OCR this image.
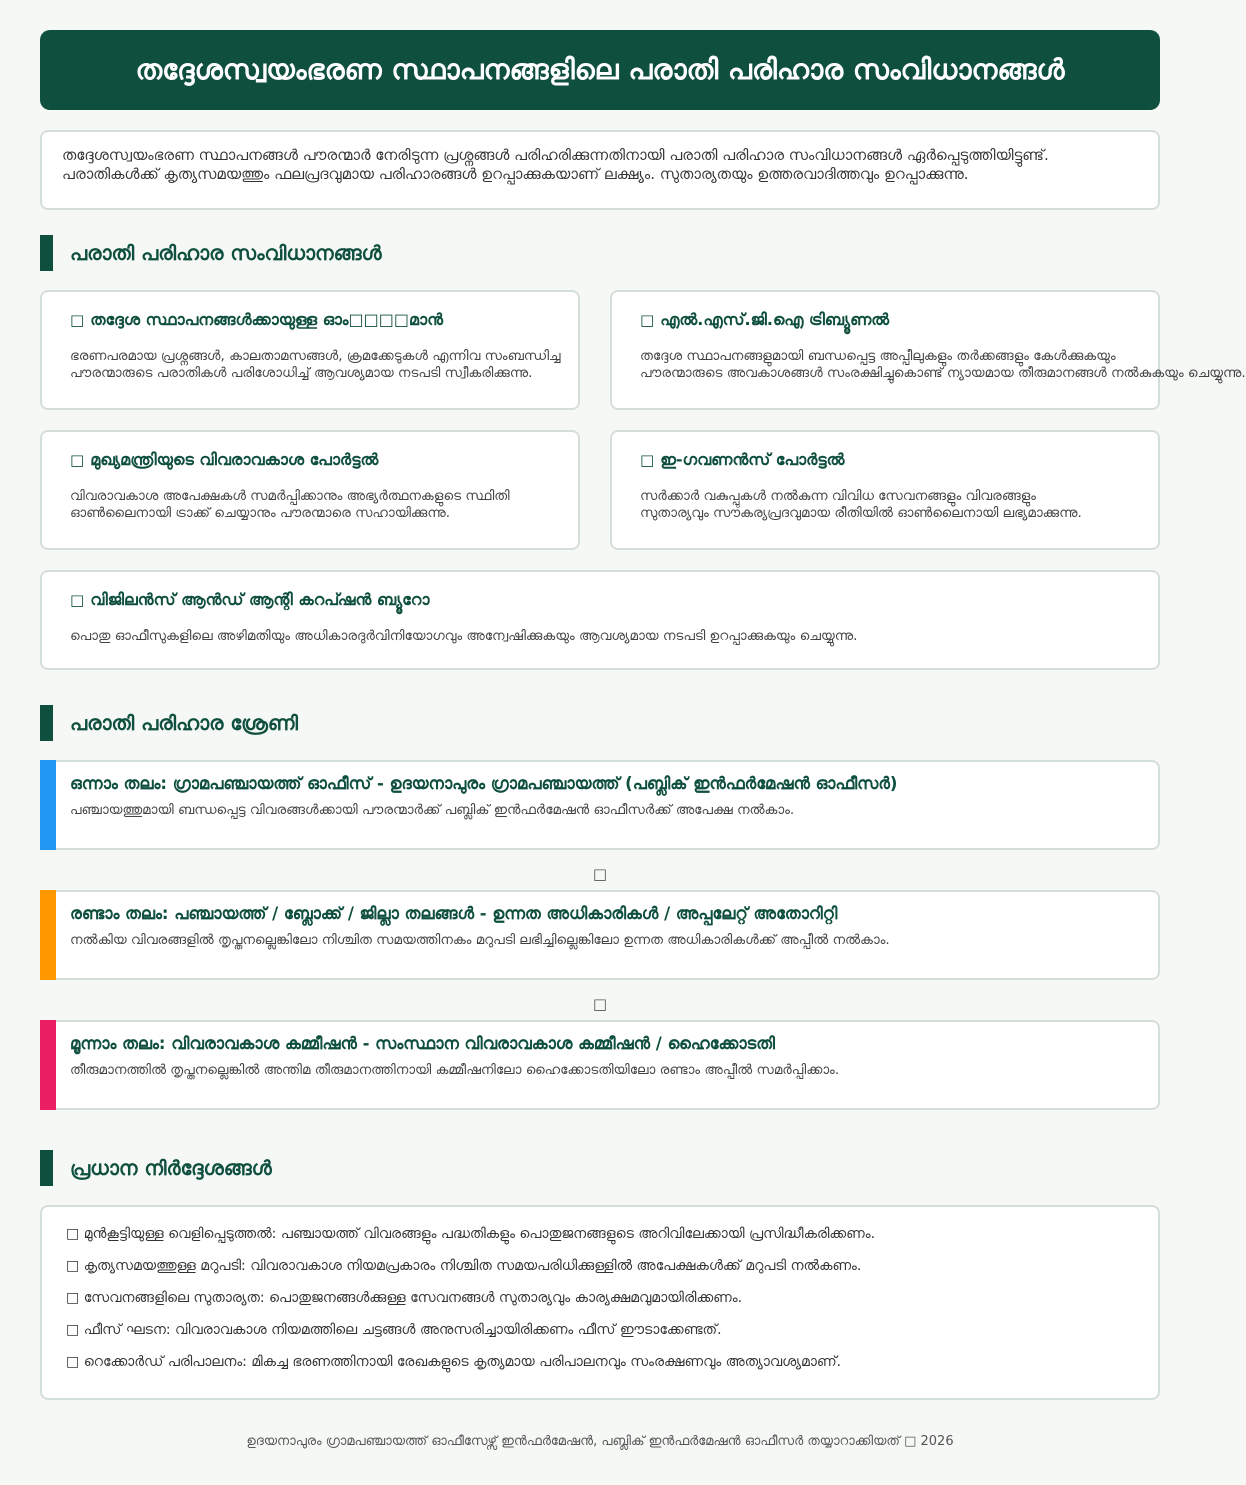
തദ്ദേശസ്വയംഭരണ സ്ഥാപനങ്ങളിലെ പരാതി പരിഹാര സംവിധാനങ്ങൾ

തദ്ദേശസ്വയംഭരണ സ്ഥാപനങ്ങൾ പൗരന്മാർ നേരിടുന്ന പ്രശ്നങ്ങൾ പരിഹരിക്കുന്നതിനായി പരാതി പരിഹാര സംവിധാനങ്ങൾ ഏർപ്പെടുത്തിയിട്ടുണ്ട്.

പരാതികൾക്ക് കൃത്യസമയത്തും ഫലപ്രദവുമായ പരിഹാരങ്ങൾ ഉറപ്പാക്കുകയാണ് ലക്ഷ്യം. സുതാര്യതയും ഉത്തരവാദിത്തവും ഉറപ്പാക്കുന്നു.

പരാതി പരിഹാര സംവിധാനങ്ങൾ
□ തദ്ദേശ സ്ഥാപനങ്ങൾക്കായുള്ള ഓം□□□□മാൻ
ഭരണപരമായ പ്രശ്നങ്ങൾ, കാലതാമസങ്ങൾ, ക്രമക്കേടുകൾ എന്നിവ സംബന്ധിച്ച
പൗരന്മാരുടെ പരാതികൾ പരിശോധിച്ച് ആവശ്യമായ നടപടി സ്വീകരിക്കുന്നു.
□ എൽ.എസ്.ജി.ഐ ട്രിബ്യൂണൽ
തദ്ദേശ സ്ഥാപനങ്ങളുമായി ബന്ധപ്പെട്ട അപ്പീലുകളും തർക്കങ്ങളും കേൾക്കുകയും
പൗരന്മാരുടെ അവകാശങ്ങൾ സംരക്ഷിച്ചുകൊണ്ട് ന്യായമായ തീരുമാനങ്ങൾ നൽകുകയും ചെയ്യുന്നു.
□ മുഖ്യമന്ത്രിയുടെ വിവരാവകാശ പോർട്ടൽ
വിവരാവകാശ അപേക്ഷകൾ സമർപ്പിക്കാനും അഭ്യർത്ഥനകളുടെ സ്ഥിതി
ഓൺലൈനായി ട്രാക്ക് ചെയ്യാനും പൗരന്മാരെ സഹായിക്കുന്നു.
□ ഇ-ഗവണൻസ് പോർട്ടൽ
സർക്കാർ വകുപ്പുകൾ നൽകുന്ന വിവിധ സേവനങ്ങളും വിവരങ്ങളും
സുതാര്യവും സൗകര്യപ്രദവുമായ രീതിയിൽ ഓൺലൈനായി ലഭ്യമാക്കുന്നു.
□ വിജിലൻസ് ആൻഡ് ആന്റി കറപ്ഷൻ ബ്യൂറോ
പൊതു ഓഫീസുകളിലെ അഴിമതിയും അധികാരദുർവിനിയോഗവും അന്വേഷിക്കുകയും ആവശ്യമായ നടപടി ഉറപ്പാക്കുകയും ചെയ്യുന്നു.
പരാതി പരിഹാര ശ്രേണി
ഒന്നാം തലം: ഗ്രാമപഞ്ചായത്ത് ഓഫീസ് - ഉദയനാപുരം ഗ്രാമപഞ്ചായത്ത് (പബ്ലിക് ഇൻഫർമേഷൻ ഓഫീസർ)
പഞ്ചായത്തുമായി ബന്ധപ്പെട്ട വിവരങ്ങൾക്കായി പൗരന്മാർക്ക് പബ്ലിക് ഇൻഫർമേഷൻ ഓഫീസർക്ക് അപേക്ഷ നൽകാം.
□
രണ്ടാം തലം: പഞ്ചായത്ത് / ബ്ലോക്ക് / ജില്ലാ തലങ്ങൾ - ഉന്നത അധികാരികൾ / അപ്പലേറ്റ് അതോറിറ്റി
നൽകിയ വിവരങ്ങളിൽ തൃപ്തനല്ലെങ്കിലോ നിശ്ചിത സമയത്തിനകം മറുപടി ലഭിച്ചില്ലെങ്കിലോ ഉന്നത അധികാരികൾക്ക് അപ്പീൽ നൽകാം.
□
മൂന്നാം തലം: വിവരാവകാശ കമ്മീഷൻ - സംസ്ഥാന വിവരാവകാശ കമ്മീഷൻ / ഹൈക്കോടതി
തീരുമാനത്തിൽ തൃപ്തനല്ലെങ്കിൽ അന്തിമ തീരുമാനത്തിനായി കമ്മീഷനിലോ ഹൈക്കോടതിയിലോ രണ്ടാം അപ്പീൽ സമർപ്പിക്കാം.
പ്രധാന നിർദ്ദേശങ്ങൾ
□ മുൻകൂട്ടിയുള്ള വെളിപ്പെടുത്തൽ: പഞ്ചായത്ത് വിവരങ്ങളും പദ്ധതികളും പൊതുജനങ്ങളുടെ അറിവിലേക്കായി പ്രസിദ്ധീകരിക്കണം.
□ കൃത്യസമയത്തുള്ള മറുപടി: വിവരാവകാശ നിയമപ്രകാരം നിശ്ചിത സമയപരിധിക്കുള്ളിൽ അപേക്ഷകൾക്ക് മറുപടി നൽകണം.
□ സേവനങ്ങളിലെ സുതാര്യത: പൊതുജനങ്ങൾക്കുള്ള സേവനങ്ങൾ സുതാര്യവും കാര്യക്ഷമവുമായിരിക്കണം.
□ ഫീസ് ഘടന: വിവരാവകാശ നിയമത്തിലെ ചട്ടങ്ങൾ അനുസരിച്ചായിരിക്കണം ഫീസ് ഈടാക്കേണ്ടത്.
□ റെക്കോർഡ് പരിപാലനം: മികച്ച ഭരണത്തിനായി രേഖകളുടെ കൃത്യമായ പരിപാലനവും സംരക്ഷണവും അത്യാവശ്യമാണ്.
ഉദയനാപുരം ഗ്രാമപഞ്ചായത്ത് ഓഫീസേഴ്സ് ഇൻഫർമേഷൻ, പബ്ലിക് ഇൻഫർമേഷൻ ഓഫീസർ തയ്യാറാക്കിയത് □ 2026
